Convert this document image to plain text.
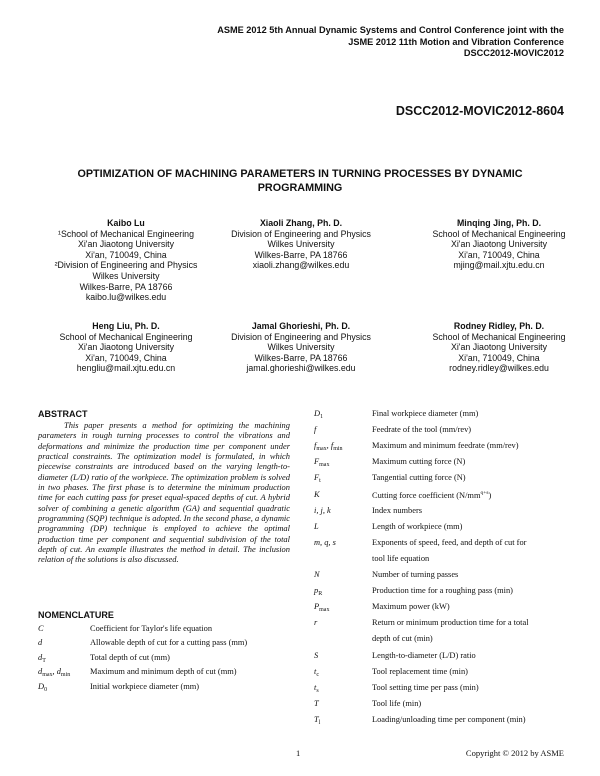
ASME 2012 5th Annual Dynamic Systems and Control Conference joint with the
JSME 2012 11th Motion and Vibration Conference
DSCC2012-MOVIC2012
DSCC2012-MOVIC2012-8604
OPTIMIZATION OF MACHINING PARAMETERS IN TURNING PROCESSES BY DYNAMIC
PROGRAMMING
Kaibo Lu
¹School of Mechanical Engineering
Xi'an Jiaotong University
Xi'an, 710049, China
²Division of Engineering and Physics
Wilkes University
Wilkes-Barre, PA 18766
kaibo.lu@wilkes.edu
Xiaoli Zhang, Ph. D.
Division of Engineering and Physics
Wilkes University
Wilkes-Barre, PA 18766
xiaoli.zhang@wilkes.edu
Minqing Jing, Ph. D.
School of Mechanical Engineering
Xi'an Jiaotong University
Xi'an, 710049, China
mjing@mail.xjtu.edu.cn
Heng Liu, Ph. D.
School of Mechanical Engineering
Xi'an Jiaotong University
Xi'an, 710049, China
hengliu@mail.xjtu.edu.cn
Jamal Ghorieshi, Ph. D.
Division of Engineering and Physics
Wilkes University
Wilkes-Barre, PA 18766
jamal.ghorieshi@wilkes.edu
Rodney Ridley, Ph. D.
School of Mechanical Engineering
Xi'an Jiaotong University
Xi'an, 710049, China
rodney.ridley@wilkes.edu
ABSTRACT
This paper presents a method for optimizing the machining parameters in rough turning processes to control the vibrations and deformations and minimize the production time per component under practical constraints. The optimization model is formulated, in which piecewise constraints are introduced based on the varying length-to-diameter (L/D) ratio of the workpiece. The optimization problem is solved in two phases. The first phase is to determine the minimum production time for each cutting pass for preset equal-spaced depths of cut. A hybrid solver of combining a genetic algorithm (GA) and sequential quadratic programming (SQP) technique is adopted. In the second phase, a dynamic programming (DP) technique is employed to achieve the optimal production time per component and sequential subdivision of the total depth of cut. An example illustrates the method in detail. The inclusion relation of the solutions is also discussed.
NOMENCLATURE
C	Coefficient for Taylor's life equation
d	Allowable depth of cut for a cutting pass (mm)
$d_T$	Total depth of cut (mm)
$d_{max}$, $d_{min}$ Maximum and minimum depth of cut (mm)
$D_0$	Initial workpiece diameter (mm)
$D_1$	Final workpiece diameter (mm)
f	Feedrate of the tool (mm/rev)
$f_{max}$, $f_{min}$	Maximum and minimum feedrate (mm/rev)
$F_{max}$	Maximum cutting force (N)
$F_t$	Tangential cutting force (N)
K	Cutting force coefficient $(N/mm^{q+s})$
i, j, k	Index numbers
L	Length of workpiece (mm)
m, q, s	Exponents of speed, feed, and depth of cut for
tool life equation
N	Number of turning passes
$p_R$	Production time for a roughing pass (min)
$P_{max}$	Maximum power (kW)
r	Return or minimum production time for a total
depth of cut (min)
S	Length-to-diameter (L/D) ratio
$t_c$	Tool replacement time (min)
$t_s$	Tool setting time per pass (min)
T	Tool life (min)
$T_l$	Loading/unloading time per component (min)
1	Copyright © 2012 by ASME
